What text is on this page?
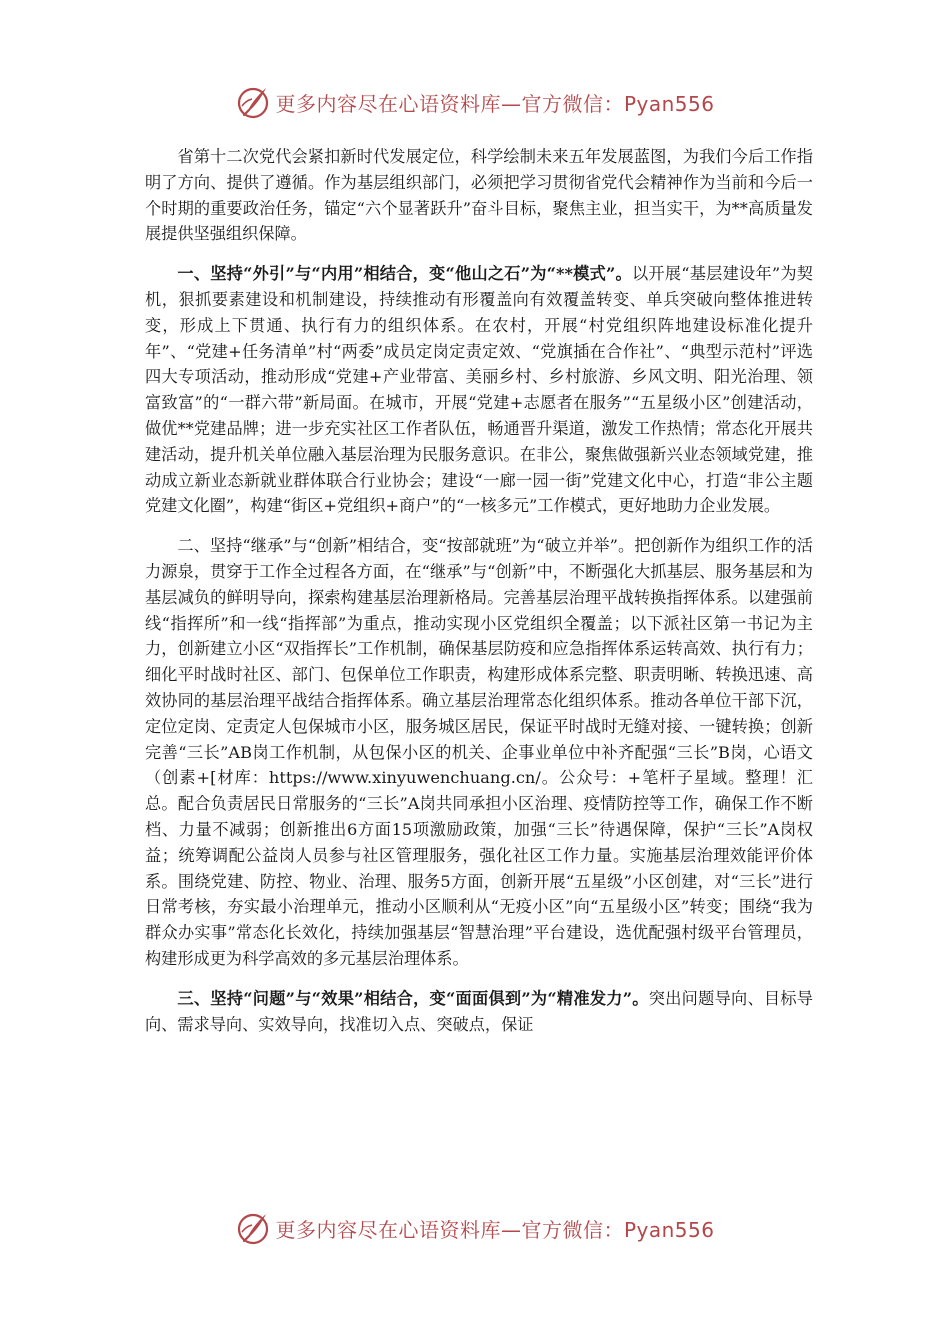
更多内容尽在心语资料库—官方微信：Pyan556

省第十二次党代会紧扣新时代发展定位，科学绘制未来五年发展蓝图，为我们今后工作指明了方向、提供了遵循。作为基层组织部门，必须把学习贯彻省党代会精神作为当前和今后一个时期的重要政治任务，锚定“六个显著跃升”奋斗目标，聚焦主业，担当实干，为**高质量发展提供坚强组织保障。

一、坚持“外引”与“内用”相结合，变“他山之石”为“**模式”。以开展“基层建设年”为契机，狠抓要素建设和机制建设，持续推动有形覆盖向有效覆盖转变、单兵突破向整体推进转变，形成上下贯通、执行有力的组织体系。在农村，开展“村党组织阵地建设标准化提升年”、“党建+任务清单”村“两委”成员定岗定责定效、“党旗插在合作社”、“典型示范村”评选四大专项活动，推动形成“党建+产业带富、美丽乡村、乡村旅游、乡风文明、阳光治理、领富致富”的“一群六带”新局面。在城市，开展“党建+志愿者在服务”“五星级小区”创建活动，做优**党建品牌；进一步充实社区工作者队伍，畅通晋升渠道，激发工作热情；常态化开展共建活动，提升机关单位融入基层治理为民服务意识。在非公，聚焦做强新兴业态领域党建，推动成立新业态新就业群体联合行业协会；建设“一廊一园一街”党建文化中心，打造“非公主题党建文化圈”，构建“街区+党组织+商户”的“一核多元”工作模式，更好地助力企业发展。

二、坚持“继承”与“创新”相结合，变“按部就班”为“破立并举”。把创新作为组织工作的活力源泉，贯穿于工作全过程各方面，在“继承”与“创新”中，不断强化大抓基层、服务基层和为基层减负的鲜明导向，探索构建基层治理新格局。完善基层治理平战转换指挥体系。以建强前线“指挥所”和一线“指挥部”为重点，推动实现小区党组织全覆盖；以下派社区第一书记为主力，创新建立小区“双指挥长”工作机制，确保基层防疫和应急指挥体系运转高效、执行有力；细化平时战时社区、部门、包保单位工作职责，构建形成体系完整、职责明晰、转换迅速、高效协同的基层治理平战结合指挥体系。确立基层治理常态化组织体系。推动各单位干部下沉，定位定岗、定责定人包保城市小区，服务城区居民，保证平时战时无缝对接、一键转换；创新完善“三长”AB岗工作机制，从包保小区的机关、企事业单位中补齐配强“三长”B岗，心语文（创素+[材库：https://www.xinyuwenchuang.cn/。公众号：+笔杆子星域。整理！汇总。配合负责居民日常服务的“三长”A岗共同承担小区治理、疫情防控等工作，确保工作不断档、力量不减弱；创新推出6方面15项激励政策，加强“三长”待遇保障，保护“三长”A岗权益；统筹调配公益岗人员参与社区管理服务，强化社区工作力量。实施基层治理效能评价体系。围绕党建、防控、物业、治理、服务5方面，创新开展“五星级”小区创建，对“三长”进行日常考核，夯实最小治理单元，推动小区顺利从“无疫小区”向“五星级小区”转变；围绕“我为群众办实事”常态化长效化，持续加强基层“智慧治理”平台建设，选优配强村级平台管理员，构建形成更为科学高效的多元基层治理体系。

三、坚持“问题”与“效果”相结合，变“面面俱到”为“精准发力”。突出问题导向、目标导向、需求导向、实效导向，找准切入点、突破点，保证

更多内容尽在心语资料库—官方微信：Pyan556
